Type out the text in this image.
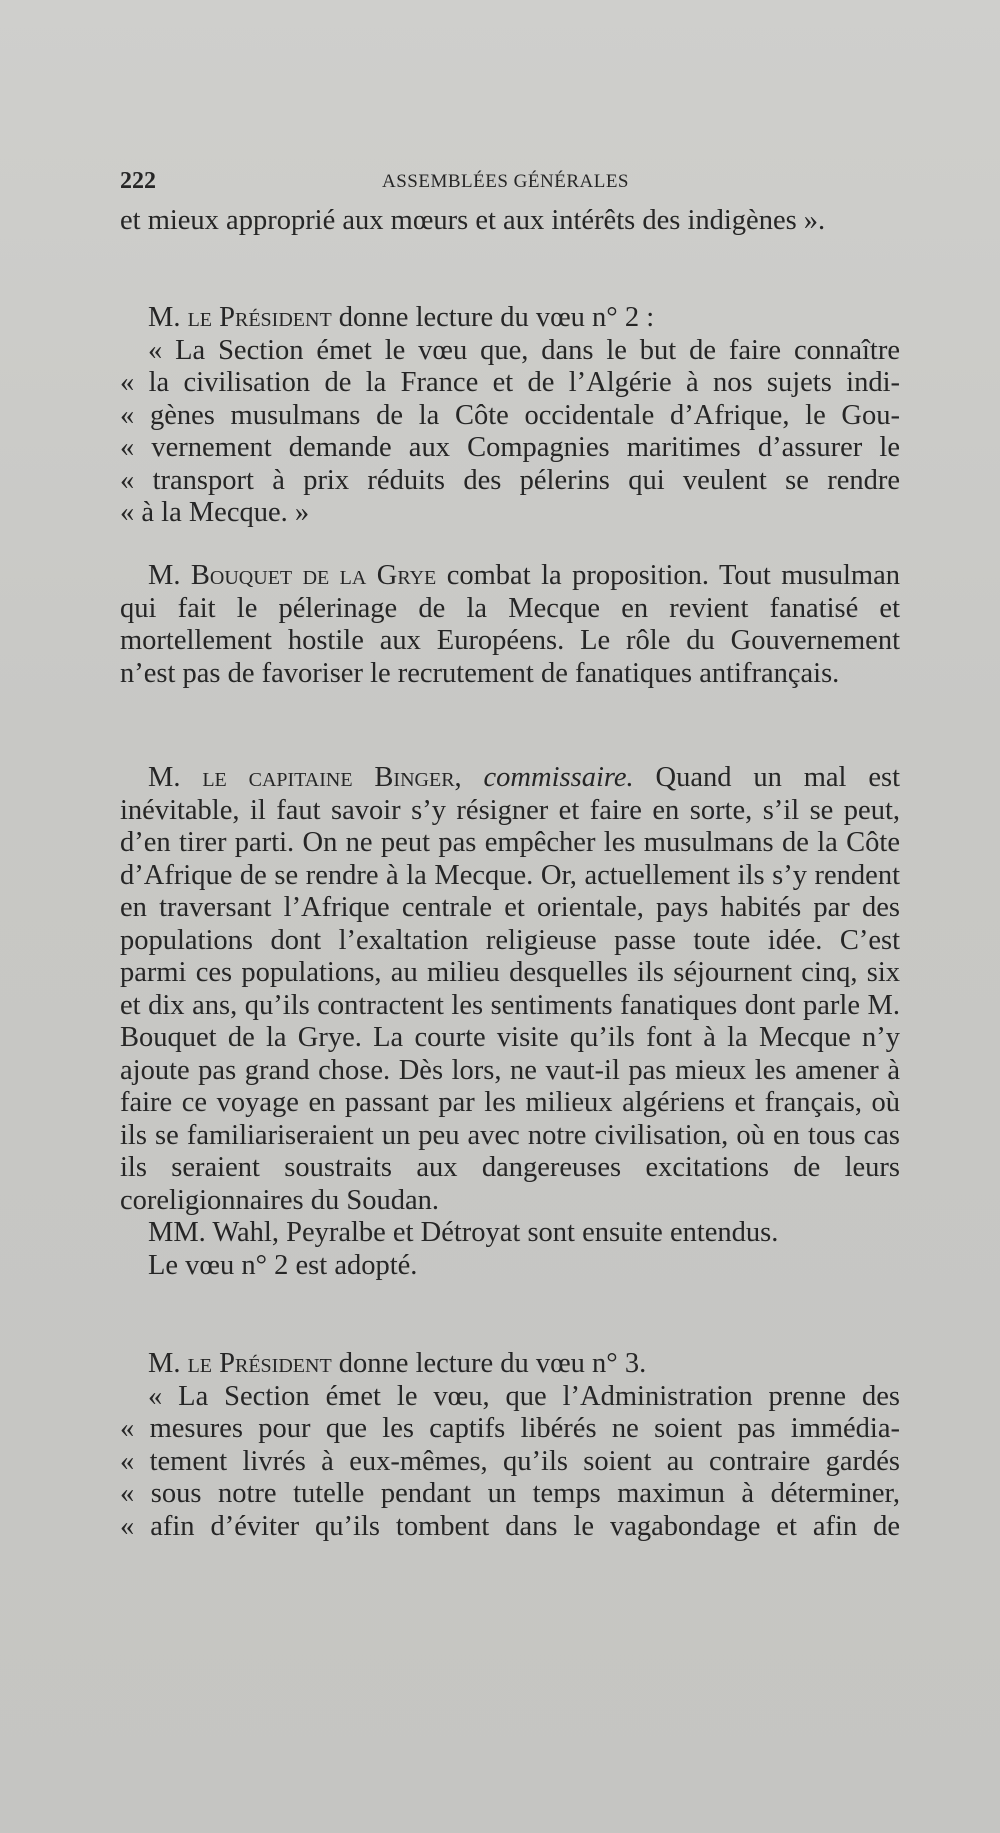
222	ASSEMBLÉES GÉNÉRALES

et mieux approprié aux mœurs et aux intérêts des indigènes ».

M. le Président donne lecture du vœu n° 2 :

« La Section émet le vœu que, dans le but de faire connaître
« la civilisation de la France et de l’Algérie à nos sujets indi-
« gènes musulmans de la Côte occidentale d’Afrique, le Gou-
« vernement demande aux Compagnies maritimes d’assurer le
« transport à prix réduits des pélerins qui veulent se rendre
« à la Mecque. »

M. Bouquet de la Grye combat la proposition. Tout musulman qui fait le pélerinage de la Mecque en revient fanatisé et mortellement hostile aux Européens. Le rôle du Gouvernement n’est pas de favoriser le recrutement de fanatiques antifrançais.

M. le capitaine Binger, commissaire. Quand un mal est inévitable, il faut savoir s’y résigner et faire en sorte, s’il se peut, d’en tirer parti. On ne peut pas empêcher les musulmans de la Côte d’Afrique de se rendre à la Mecque. Or, actuellement ils s’y rendent en traversant l’Afrique centrale et orientale, pays habités par des populations dont l’exaltation religieuse passe toute idée. C’est parmi ces populations, au milieu desquelles ils séjournent cinq, six et dix ans, qu’ils contractent les sentiments fanatiques dont parle M. Bouquet de la Grye. La courte visite qu’ils font à la Mecque n’y ajoute pas grand chose. Dès lors, ne vaut-il pas mieux les amener à faire ce voyage en passant par les milieux algériens et français, où ils se familiariseraient un peu avec notre civilisation, où en tous cas ils seraient soustraits aux dangereuses excitations de leurs coreligionnaires du Soudan.

MM. Wahl, Peyralbe et Détroyat sont ensuite entendus.

Le vœu n° 2 est adopté.

M. le Président donne lecture du vœu n° 3.

« La Section émet le vœu, que l’Administration prenne des
« mesures pour que les captifs libérés ne soient pas immédia-
« tement livrés à eux-mêmes, qu’ils soient au contraire gardés
« sous notre tutelle pendant un temps maximun à déterminer,
« afin d’éviter qu’ils tombent dans le vagabondage et afin de
